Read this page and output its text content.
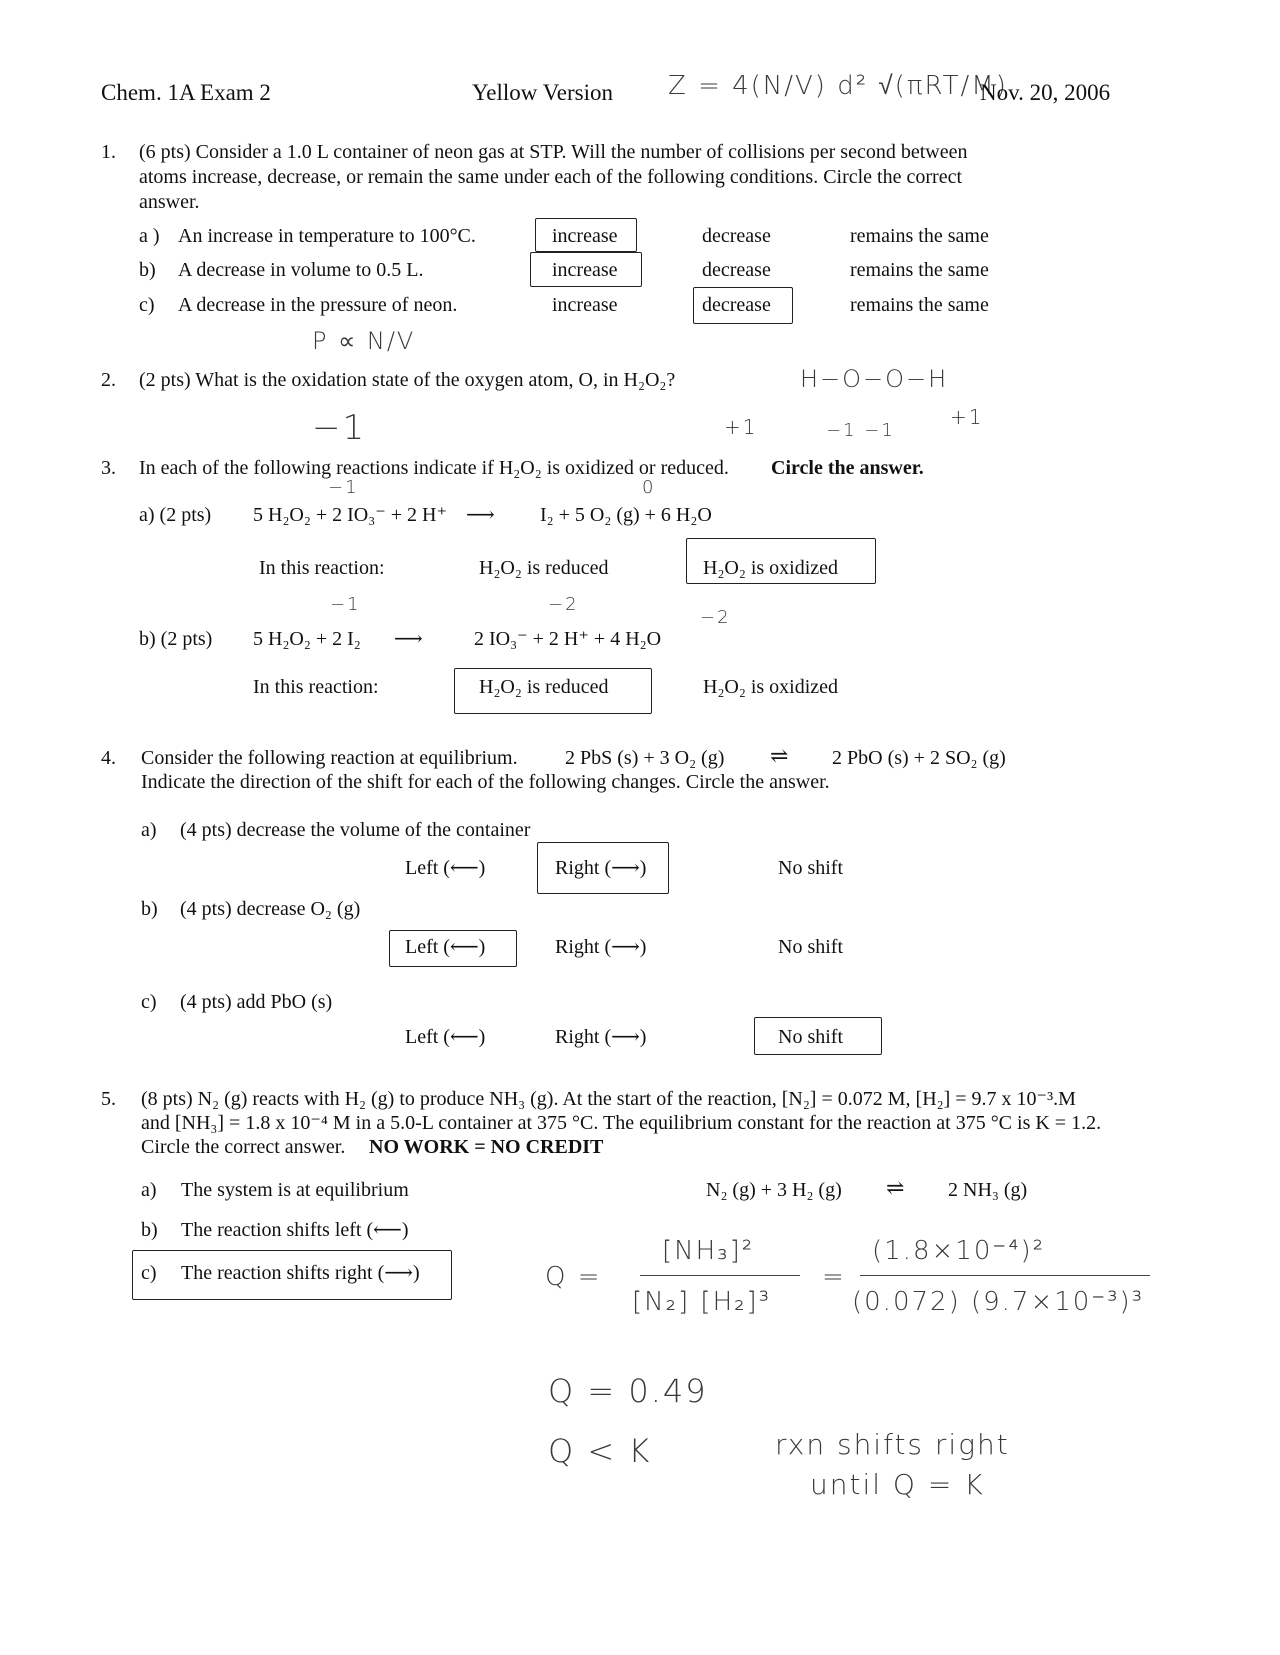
Chem. 1A Exam 2	Yellow Version Z = 4(N/V) d² √(πRT/M)
Nov. 20, 2006
1. (6 pts) Consider a 1.0 L container of neon gas at STP. Will the number of collisions per second between
atoms increase, decrease, or remain the same under each of the following conditions. Circle the correct
answer.
a ) An increase in temperature to 100°C.	increase	decrease	remains the same
b) A decrease in volume to 0.5 L.	increase	decrease	remains the same
c) A decrease in the pressure of neon.	increase	decrease	remains the same
P ∝ N/V
2. (2 pts) What is the oxidation state of the oxygen atom, O, in H₂O₂?	H−O−O−H
+1	−1 −1
+1
−1
3. In each of the following reactions indicate if H₂O₂ is oxidized or reduced. Circle the answer.
−1	0
a) (2 pts) 5 H₂O₂ + 2 IO₃⁻ + 2 H⁺ ⟶ I₂ + 5 O₂ (g) + 6 H₂O
In this reaction:	H₂O₂ is reduced	H₂O₂ is oxidized
−1	−2
−2
b) (2 pts) 5 H₂O₂ + 2 I₂ ⟶	2 IO₃⁻ + 2 H⁺ + 4 H₂O
In this reaction:	H₂O₂ is reduced	H₂O₂ is oxidized
4. Consider the following reaction at equilibrium. 2 PbS (s) + 3 O₂ (g) ⇌ 2 PbO (s) + 2 SO₂ (g)
Indicate the direction of the shift for each of the following changes. Circle the answer.
a) (4 pts) decrease the volume of the container
Left (⟵)	Right (⟶)	No shift
b) (4 pts) decrease O₂ (g)
Left (⟵)	Right (⟶)	No shift
c) (4 pts) add PbO (s)
Left (⟵)	Right (⟶)	No shift
5. (8 pts) N₂ (g) reacts with H₂ (g) to produce NH₃ (g). At the start of the reaction, [N₂] = 0.072 M, [H₂] = 9.7 x 10⁻³.M
and [NH₃] = 1.8 x 10⁻⁴ M in a 5.0-L container at 375 °C. The equilibrium constant for the reaction at 375 °C is K = 1.2.
Circle the correct answer. NO WORK = NO CREDIT
N₂ (g) + 3 H₂ (g) ⇌ 2 NH₃ (g)
a) The system is at equilibrium
b) The reaction shifts left (⟵)
c) The reaction shifts right (⟶)	Q =
[NH₃]²
[N₂] [H₂]³
=
(1.8×10⁻⁴)²
(0.072) (9.7×10⁻³)³
Q = 0.49
Q < K	rxn shifts right
until Q = K
